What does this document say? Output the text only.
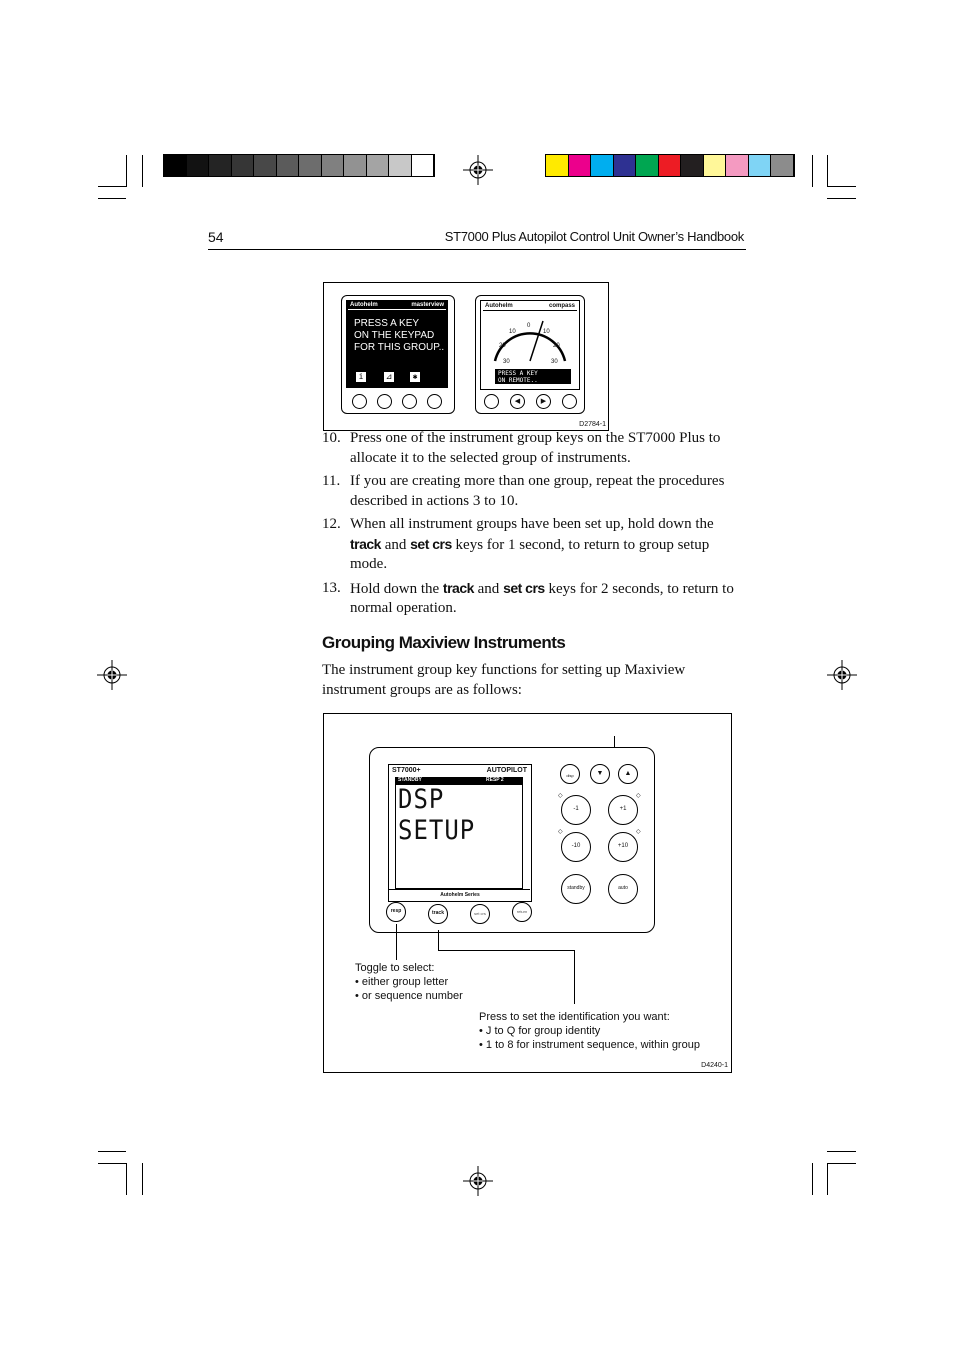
54	ST7000 Plus Autopilot Control Unit Owner’s Handbook
Autohelm	masterview
PRESS A KEY
ON THE KEYPAD
FOR THIS GROUP..
i	⊿	✱
Autohelm	compass
0
10	10
20	20
30	30
PRESS A KEY
ON REMOTE..
◀	▶
D2784-1
10. Press one of the instrument group keys on the ST7000 Plus to allocate it to the selected group of instruments.
11. If you are creating more than one group, repeat the procedures described in actions 3 to 10.
12. When all instrument groups have been set up, hold down the track and set crs keys for 1 second, to return to group setup mode.
13. Hold down the track and set crs keys for 2 seconds, to return to normal operation.
Grouping Maxiview Instruments
The instrument group key functions for setting up Maxiview instrument groups are as follows:
ST7000+	AUTOPILOT
STANDBY	RESP 2
DSP SETUP
Autohelm Series
disp	▼	▲
◇	◇
◇	◇
-1	+1
-10	+10
standby	auto
resp	track	set crs	return
Toggle to select:
• either group letter
• or sequence number
Press to set the identification you want:
• J to Q for group identity
• 1 to 8 for instrument sequence, within group
D4240-1
